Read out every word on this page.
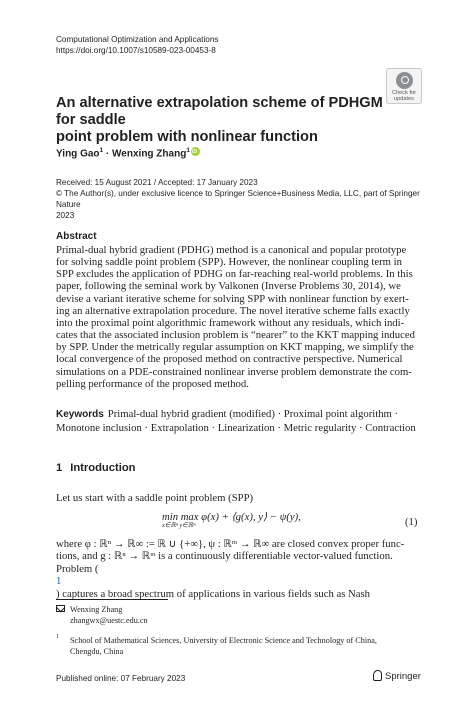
Computational Optimization and Applications
https://doi.org/10.1007/s10589-023-00453-8
Check for
updates
An alternative extrapolation scheme of PDHGM for saddle
point problem with nonlinear function
Ying Gao$^1$ · Wenxing Zhang$^1$iD
Received: 15 August 2021 / Accepted: 17 January 2023
© The Author(s), under exclusive licence to Springer Science+Business Media, LLC, part of Springer Nature
2023
Abstract
Primal-dual hybrid gradient (PDHG) method is a canonical and popular prototype
for solving saddle point problem (SPP). However, the nonlinear coupling term in
SPP excludes the application of PDHG on far-reaching real-world problems. In this
paper, following the seminal work by Valkonen (Inverse Problems 30, 2014), we
devise a variant iterative scheme for solving SPP with nonlinear function by exert-
ing an alternative extrapolation procedure. The novel iterative scheme falls exactly
into the proximal point algorithmic framework without any residuals, which indi-
cates that the associated inclusion problem is “nearer” to the KKT mapping induced
by SPP. Under the metrically regular assumption on KKT mapping, we simplify the
local convergence of the proposed method on contractive perspective. Numerical
simulations on a PDE-constrained nonlinear inverse problem demonstrate the com-
pelling performance of the proposed method.
Keywords Primal-dual hybrid gradient (modified) · Proximal point algorithm ·
Monotone inclusion · Extrapolation · Linearization · Metric regularity · Contraction
1 Introduction
Let us start with a saddle point problem (SPP)
min max φ(x) + ⟨g(x), y⟩ − ψ(y),
x∈ℝⁿ y∈ℝᵐ	(1)
where φ : ℝⁿ → ℝ∞ := ℝ ∪ {+∞}, ψ : ℝᵐ → ℝ∞ are closed convex proper func-
tions, and g : ℝⁿ → ℝᵐ is a continuously differentiable vector-valued function.
Problem (
1
) captures a broad spectrum of applications in various fields such as Nash
Wenxing Zhang
zhangwx@uestc.edu.cn
1 School of Mathematical Sciences, University of Electronic Science and Technology of China,
Chengdu, China
Published online: 07 February 2023	Springer
